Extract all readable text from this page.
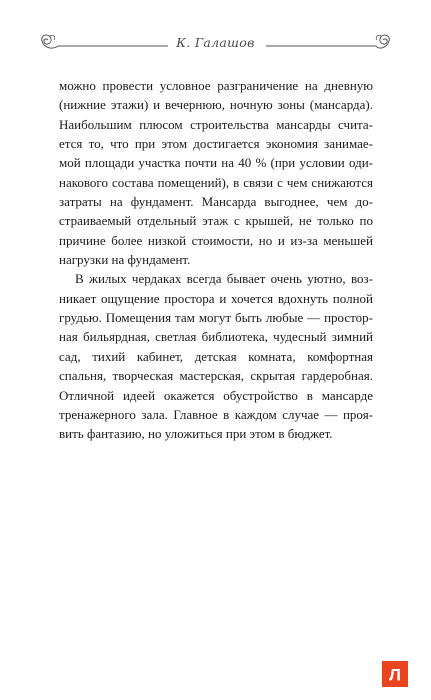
К. Галашов

можно провести условное разграничение на дневную
(нижние этажи) и вечернюю, ночную зоны (мансарда).
Наибольшим плюсом строительства мансарды счита-
ется то, что при этом достигается экономия занимае-
мой площади участка почти на 40 % (при условии оди-
накового состава помещений), в связи с чем снижаются
затраты на фундамент. Мансарда выгоднее, чем до-
страиваемый отдельный этаж с крышей, не только по
причине более низкой стоимости, но и из-за меньшей
нагрузки на фундамент.

В жилых чердаках всегда бывает очень уютно, воз-
никает ощущение простора и хочется вдохнуть полной
грудью. Помещения там могут быть любые — простор-
ная бильярдная, светлая библиотека, чудесный зимний
сад, тихий кабинет, детская комната, комфортная
спальня, творческая мастерская, скрытая гардеробная.
Отличной идеей окажется обустройство в мансарде
тренажерного зала. Главное в каждом случае — проя-
вить фантазию, но уложиться при этом в бюджет.

Л
